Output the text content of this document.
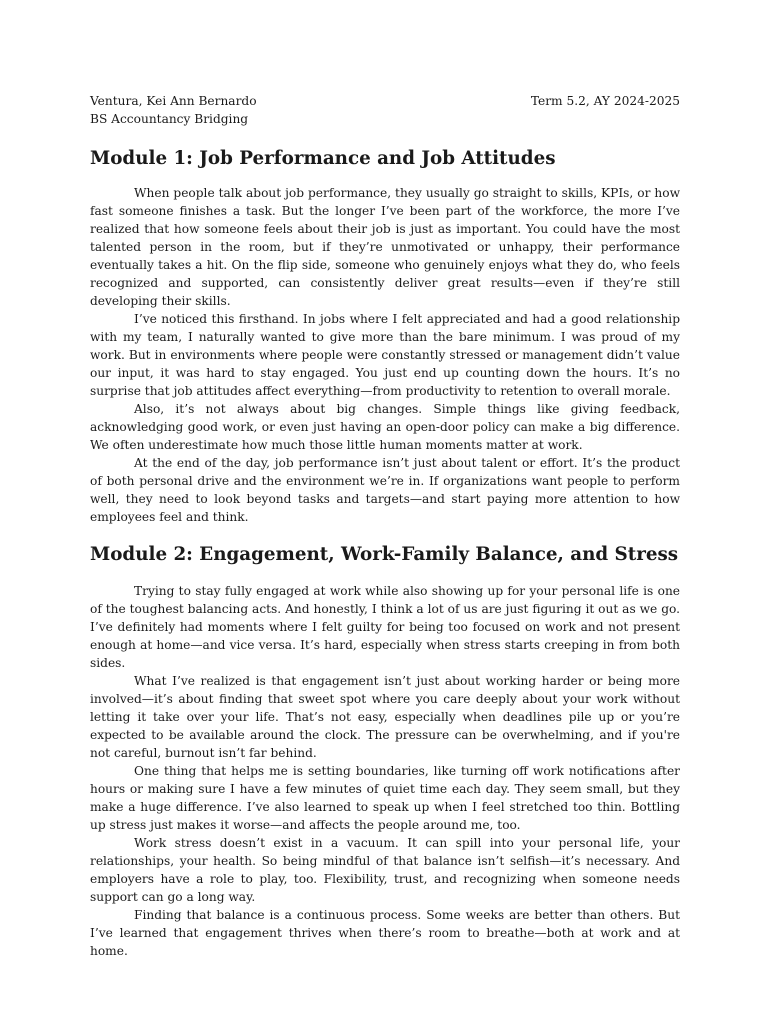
Ventura, Kei Ann Bernardo	Term 5.2, AY 2024-2025

BS Accountancy Bridging

Module 1: Job Performance and Job Attitudes

When people talk about job performance, they usually go straight to skills, KPIs, or how fast someone finishes a task. But the longer I’ve been part of the workforce, the more I’ve realized that how someone feels about their job is just as important. You could have the most talented person in the room, but if they’re unmotivated or unhappy, their performance eventually takes a hit. On the flip side, someone who genuinely enjoys what they do, who feels recognized and supported, can consistently deliver great results—even if they’re still developing their skills.

I’ve noticed this firsthand. In jobs where I felt appreciated and had a good relationship with my team, I naturally wanted to give more than the bare minimum. I was proud of my work. But in environments where people were constantly stressed or management didn’t value our input, it was hard to stay engaged. You just end up counting down the hours. It’s no surprise that job attitudes affect everything—from productivity to retention to overall morale.

Also, it’s not always about big changes. Simple things like giving feedback, acknowledging good work, or even just having an open-door policy can make a big difference. We often underestimate how much those little human moments matter at work.

At the end of the day, job performance isn’t just about talent or effort. It’s the product of both personal drive and the environment we’re in. If organizations want people to perform well, they need to look beyond tasks and targets—and start paying more attention to how employees feel and think.

Module 2: Engagement, Work-Family Balance, and Stress

Trying to stay fully engaged at work while also showing up for your personal life is one of the toughest balancing acts. And honestly, I think a lot of us are just figuring it out as we go. I’ve definitely had moments where I felt guilty for being too focused on work and not present enough at home—and vice versa. It’s hard, especially when stress starts creeping in from both sides.

What I’ve realized is that engagement isn’t just about working harder or being more involved—it’s about finding that sweet spot where you care deeply about your work without letting it take over your life. That’s not easy, especially when deadlines pile up or you’re expected to be available around the clock. The pressure can be overwhelming, and if you're not careful, burnout isn’t far behind.

One thing that helps me is setting boundaries, like turning off work notifications after hours or making sure I have a few minutes of quiet time each day. They seem small, but they make a huge difference. I’ve also learned to speak up when I feel stretched too thin. Bottling up stress just makes it worse—and affects the people around me, too.

Work stress doesn’t exist in a vacuum. It can spill into your personal life, your relationships, your health. So being mindful of that balance isn’t selfish—it’s necessary. And employers have a role to play, too. Flexibility, trust, and recognizing when someone needs support can go a long way.

Finding that balance is a continuous process. Some weeks are better than others. But I’ve learned that engagement thrives when there’s room to breathe—both at work and at home.
